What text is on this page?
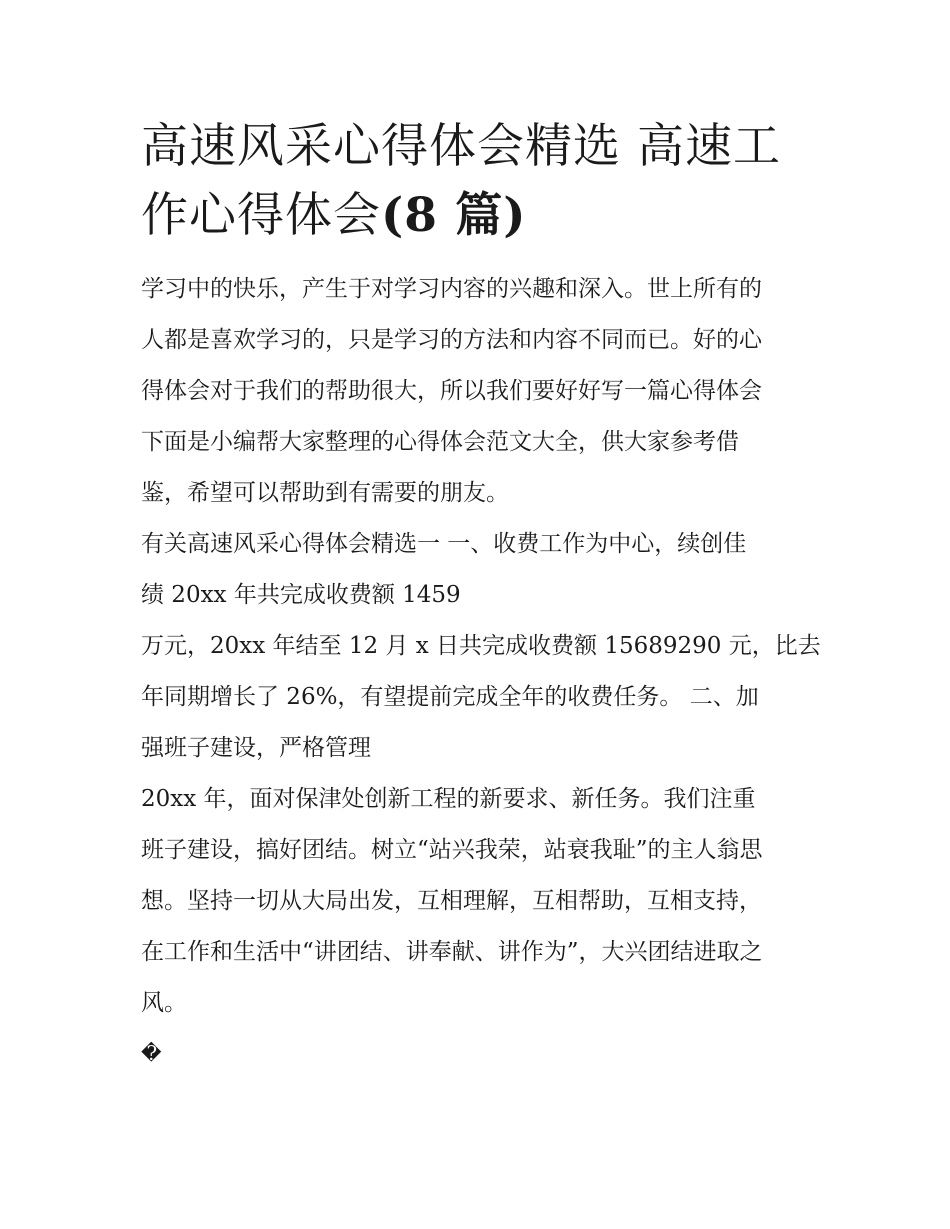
高速风采心得体会精选 高速工
作心得体会(8 篇)

学习中的快乐，产生于对学习内容的兴趣和深入。世上所有的
人都是喜欢学习的，只是学习的方法和内容不同而已。好的心
得体会对于我们的帮助很大，所以我们要好好写一篇心得体会
下面是小编帮大家整理的心得体会范文大全，供大家参考借
鉴，希望可以帮助到有需要的朋友。

有关高速风采心得体会精选一 一、收费工作为中心，续创佳
绩 20xx 年共完成收费额 1459

万元，20xx 年结至 12 月 x 日共完成收费额 15689290 元，比去
年同期增长了 26%，有望提前完成全年的收费任务。 二、加
强班子建设，严格管理

20xx 年，面对保津处创新工程的新要求、新任务。我们注重
班子建设，搞好团结。树立“站兴我荣，站衰我耻”的主人翁思
想。坚持一切从大局出发，互相理解，互相帮助，互相支持，
在工作和生活中“讲团结、讲奉献、讲作为”，大兴团结进取之
风。

�
